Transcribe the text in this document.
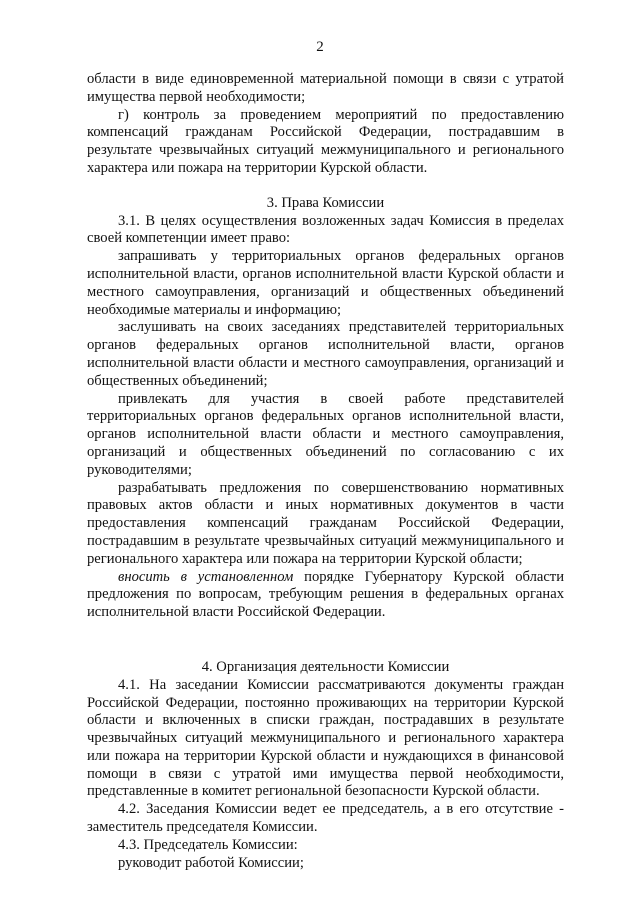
2

области в виде единовременной материальной помощи в связи с утратой имущества первой необходимости;

г) контроль за проведением мероприятий по предоставлению компенсаций гражданам Российской Федерации, пострадавшим в результате чрезвычайных ситуаций межмуниципального и регионального характера или пожара на территории Курской области.

3. Права Комиссии

3.1. В целях осуществления возложенных задач Комиссия в пределах своей компетенции имеет право:

запрашивать у территориальных органов федеральных органов исполнительной власти, органов исполнительной власти Курской области и местного самоуправления, организаций и общественных объединений необходимые материалы и информацию;

заслушивать на своих заседаниях представителей территориальных органов федеральных органов исполнительной власти, органов исполнительной власти области и местного самоуправления, организаций и общественных объединений;

привлекать для участия в своей работе представителей территориальных органов федеральных органов исполнительной власти, органов исполнительной власти области и местного самоуправления, организаций и общественных объединений по согласованию с их руководителями;

разрабатывать предложения по совершенствованию нормативных правовых актов области и иных нормативных документов в части предоставления компенсаций гражданам Российской Федерации, пострадавшим в результате чрезвычайных ситуаций межмуниципального и регионального характера или пожара на территории Курской области;

вносить в установленном порядке Губернатору Курской области предложения по вопросам, требующим решения в федеральных органах исполнительной власти Российской Федерации.

4. Организация деятельности Комиссии

4.1. На заседании Комиссии рассматриваются документы граждан Российской Федерации, постоянно проживающих на территории Курской области и включенных в списки граждан, пострадавших в результате чрезвычайных ситуаций межмуниципального и регионального характера или пожара на территории Курской области и нуждающихся в финансовой помощи в связи с утратой ими имущества первой необходимости, представленные в комитет региональной безопасности Курской области.

4.2. Заседания Комиссии ведет ее председатель, а в его отсутствие - заместитель председателя Комиссии.

4.3. Председатель Комиссии:

руководит работой Комиссии;
